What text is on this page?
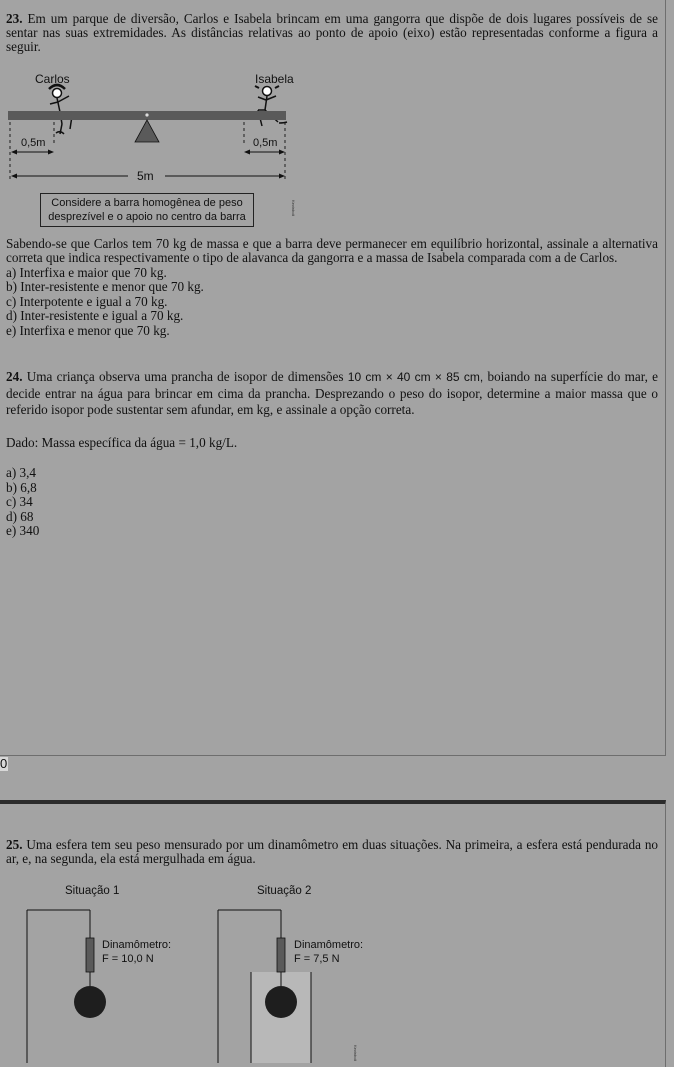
23. Em um parque de diversão, Carlos e Isabela brincam em uma gangorra que dispõe de dois lugares possíveis de se sentar nas suas extremidades. As distâncias relativas ao ponto de apoio (eixo) estão representadas conforme a figura a seguir.
Carlos	Isabela
0,5m	0,5m
5m
Considere a barra homogênea de peso
desprezível e o apoio no centro da barra
Kevinboli
Sabendo-se que Carlos tem 70 kg de massa e que a barra deve permanecer em equilíbrio horizontal, assinale a alternativa correta que indica respectivamente o tipo de alavanca da gangorra e a massa de Isabela comparada com a de Carlos.
a) Interfixa e maior que 70 kg.
b) Inter-resistente e menor que 70 kg.
c) Interpotente e igual a 70 kg.
d) Inter-resistente e igual a 70 kg.
e) Interfixa e menor que 70 kg.
24. Uma criança observa uma prancha de isopor de dimensões 10 cm × 40 cm × 85 cm, boiando na superfície do mar, e decide entrar na água para brincar em cima da prancha. Desprezando o peso do isopor, determine a maior massa que o referido isopor pode sustentar sem afundar, em kg, e assinale a opção correta.
Dado: Massa específica da água = 1,0 kg/L.
a) 3,4
b) 6,8
c) 34
d) 68
e) 340
0
25. Uma esfera tem seu peso mensurado por um dinamômetro em duas situações. Na primeira, a esfera está pendurada no ar, e, na segunda, ela está mergulhada em água.
Situação 1	Situação 2
Dinamômetro:
F = 10,0 N
Dinamômetro:
F = 7,5 N
Kevinboli
